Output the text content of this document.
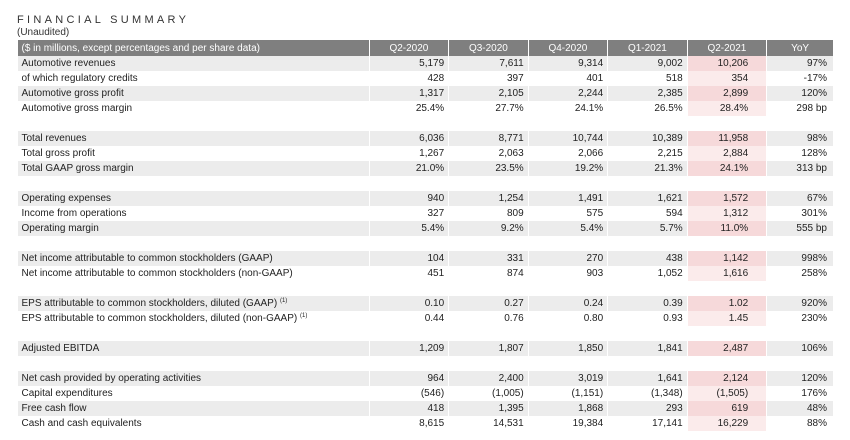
FINANCIAL SUMMARY
(Unaudited)
($ in millions, except percentages and per share data)	Q2-2020	Q3-2020	Q4-2020	Q1-2021	Q2-2021	YoY
Automotive revenues	5,179	7,611	9,314	9,002	10,206	97%
of which regulatory credits	428	397	401	518	354	-17%
Automotive gross profit	1,317	2,105	2,244	2,385	2,899	120%
Automotive gross margin	25.4%	27.7%	24.1%	26.5%	28.4%	298 bp

Total revenues	6,036	8,771	10,744	10,389	11,958	98%
Total gross profit	1,267	2,063	2,066	2,215	2,884	128%
Total GAAP gross margin	21.0%	23.5%	19.2%	21.3%	24.1%	313 bp

Operating expenses	940	1,254	1,491	1,621	1,572	67%
Income from operations	327	809	575	594	1,312	301%
Operating margin	5.4%	9.2%	5.4%	5.7%	11.0%	555 bp

Net income attributable to common stockholders (GAAP)	104	331	270	438	1,142	998%
Net income attributable to common stockholders (non-GAAP)	451	874	903	1,052	1,616	258%

EPS attributable to common stockholders, diluted (GAAP) $^{(1)}$	0.10	0.27	0.24	0.39	1.02	920%
EPS attributable to common stockholders, diluted (non-GAAP) $^{(1)}$	0.44	0.76	0.80	0.93	1.45	230%

Adjusted EBITDA	1,209	1,807	1,850	1,841	2,487	106%

Net cash provided by operating activities	964	2,400	3,019	1,641	2,124	120%
Capital expenditures	(546)	(1,005)	(1,151)	(1,348)	(1,505)	176%
Free cash flow	418	1,395	1,868	293	619	48%
Cash and cash equivalents	8,615	14,531	19,384	17,141	16,229	88%
